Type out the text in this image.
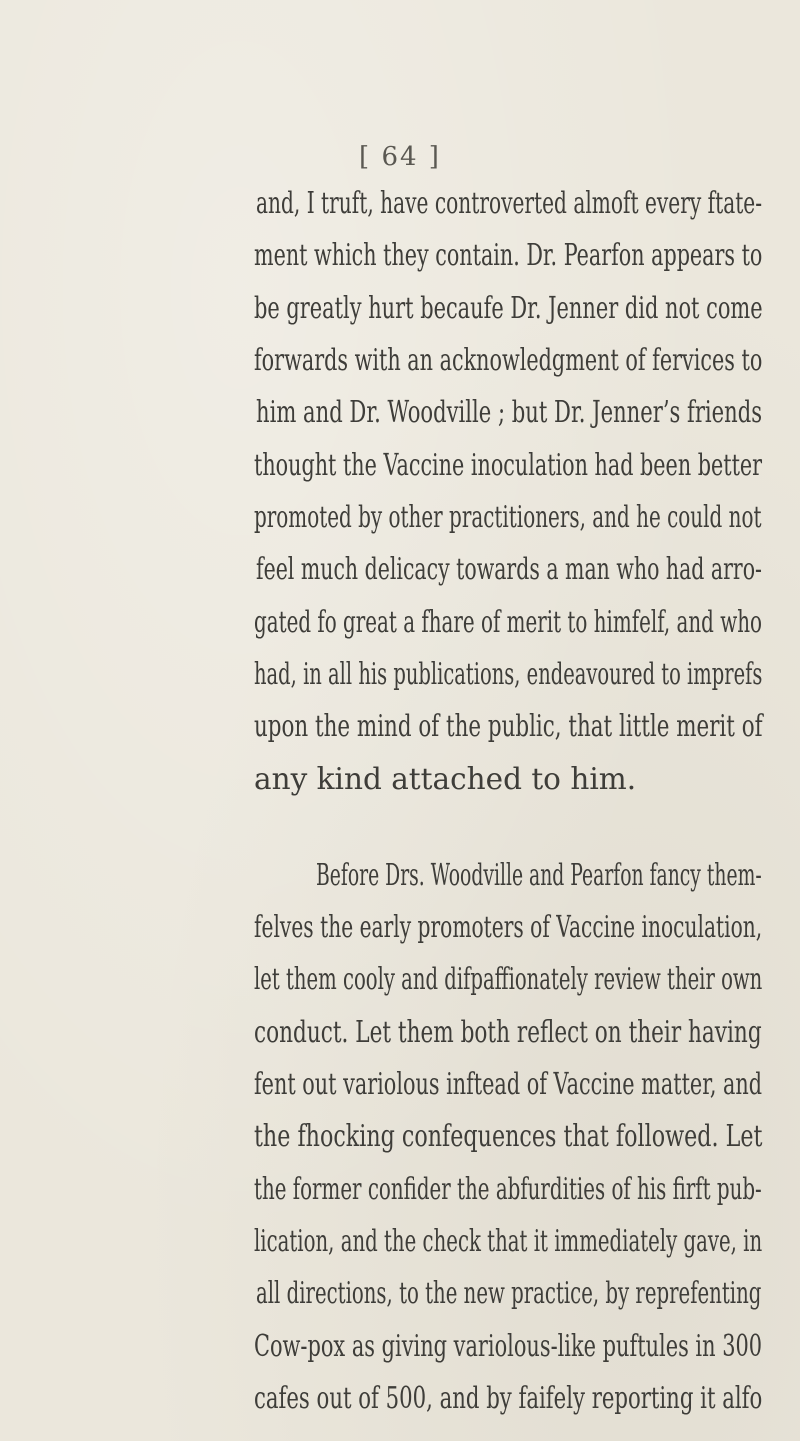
[ 64 ]
and, I truft, have controverted almoft every ftate-
ment which they contain. Dr. Pearfon appears to
be greatly hurt becaufe Dr. Jenner did not come
forwards with an acknowledgment of fervices to
him and Dr. Woodville ; but Dr. Jenner’s friends
thought the Vaccine inoculation had been better
promoted by other practitioners, and he could not
feel much delicacy towards a man who had arro-
gated fo great a fhare of merit to himfelf, and who
had, in all his publications, endeavoured to imprefs
upon the mind of the public, that little merit of
any kind attached to him.
Before Drs. Woodville and Pearfon fancy them-
felves the early promoters of Vaccine inoculation,
let them cooly and difpaffionately review their own
conduct. Let them both reflect on their having
fent out variolous inftead of Vaccine matter, and
the fhocking confequences that followed. Let
the former confider the abfurdities of his firft pub-
lication, and the check that it immediately gave, in
all directions, to the new practice, by reprefenting
Cow-pox as giving variolous-like puftules in 300
cafes out of 500, and by faifely reporting it alfo
